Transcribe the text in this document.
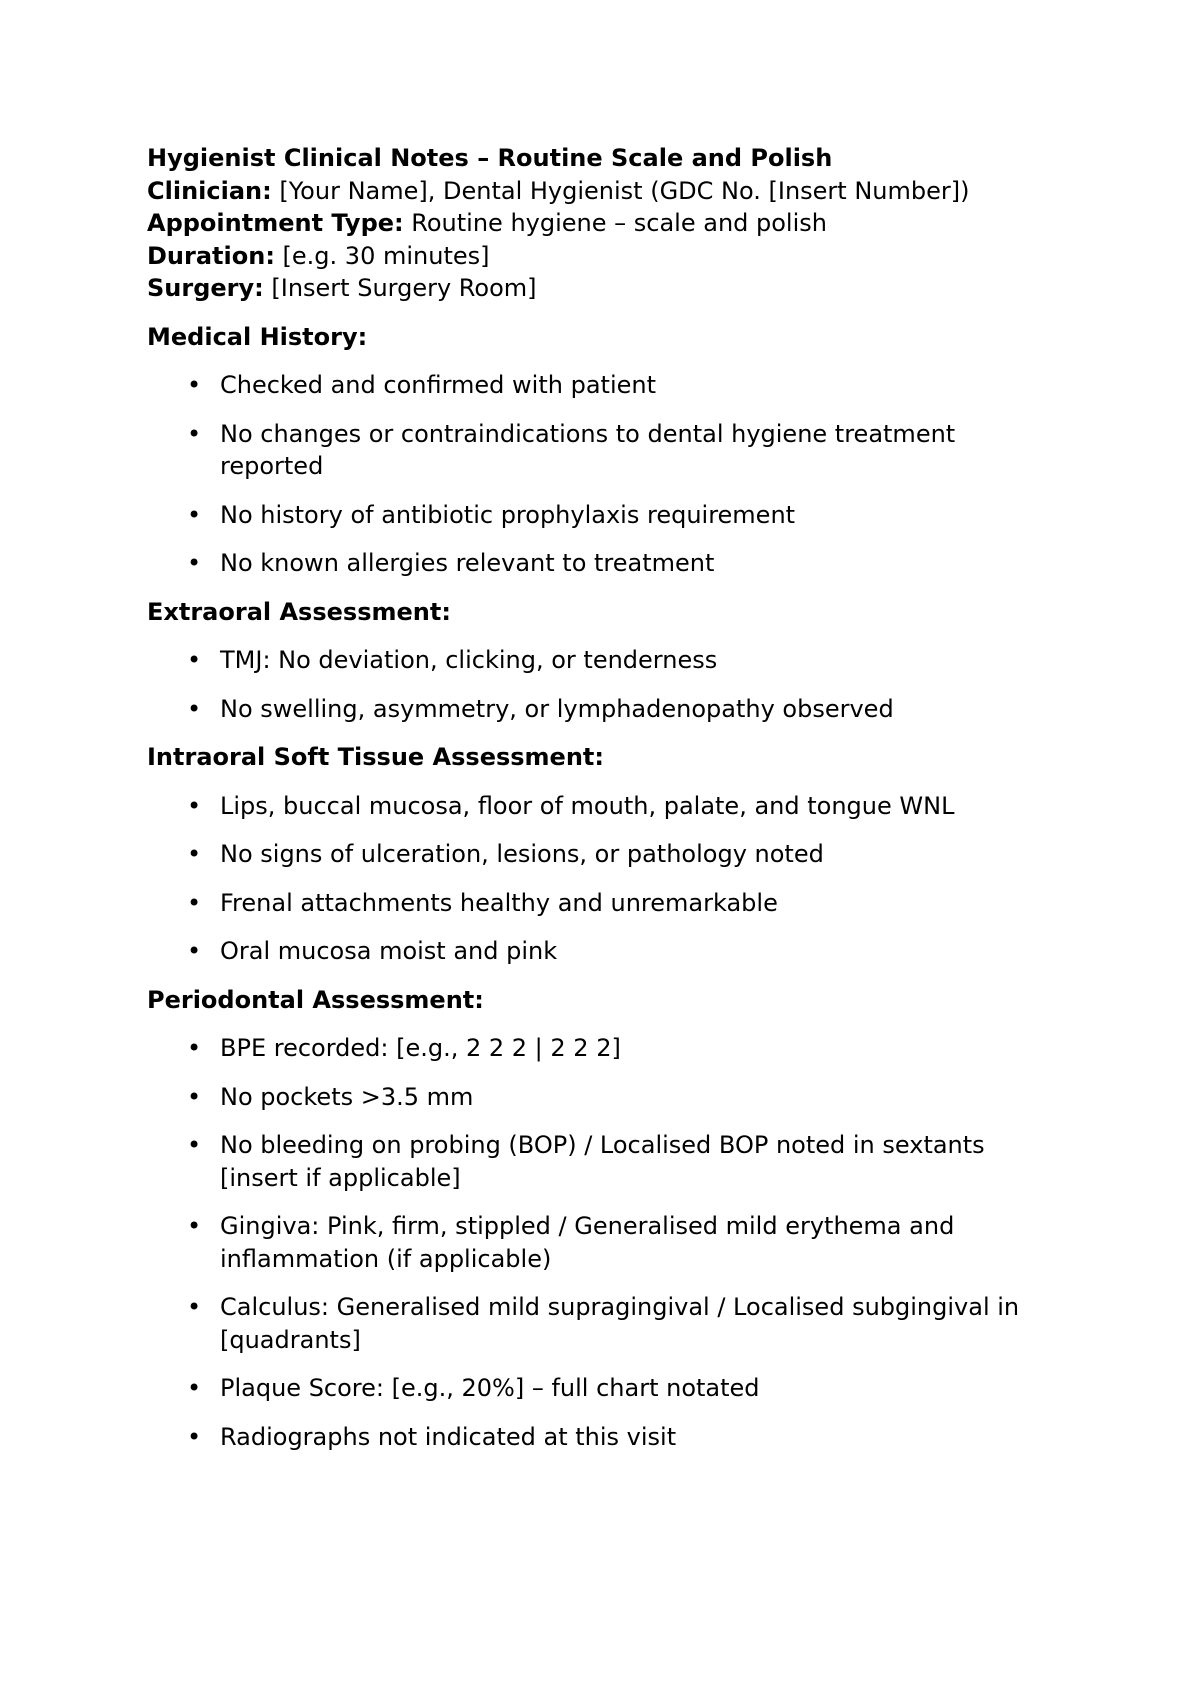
Hygienist Clinical Notes – Routine Scale and Polish

Clinician: [Your Name], Dental Hygienist (GDC No. [Insert Number])

Appointment Type: Routine hygiene – scale and polish

Duration: [e.g. 30 minutes]

Surgery: [Insert Surgery Room]

Medical History:

• Checked and confirmed with patient
• No changes or contraindications to dental hygiene treatment reported
• No history of antibiotic prophylaxis requirement
• No known allergies relevant to treatment

Extraoral Assessment:

• TMJ: No deviation, clicking, or tenderness
• No swelling, asymmetry, or lymphadenopathy observed

Intraoral Soft Tissue Assessment:

• Lips, buccal mucosa, floor of mouth, palate, and tongue WNL
• No signs of ulceration, lesions, or pathology noted
• Frenal attachments healthy and unremarkable
• Oral mucosa moist and pink

Periodontal Assessment:

• BPE recorded: [e.g., 2 2 2 | 2 2 2]
• No pockets >3.5 mm
• No bleeding on probing (BOP) / Localised BOP noted in sextants [insert if applicable]
• Gingiva: Pink, firm, stippled / Generalised mild erythema and inflammation (if applicable)
• Calculus: Generalised mild supragingival / Localised subgingival in [quadrants]
• Plaque Score: [e.g., 20%] – full chart notated
• Radiographs not indicated at this visit
